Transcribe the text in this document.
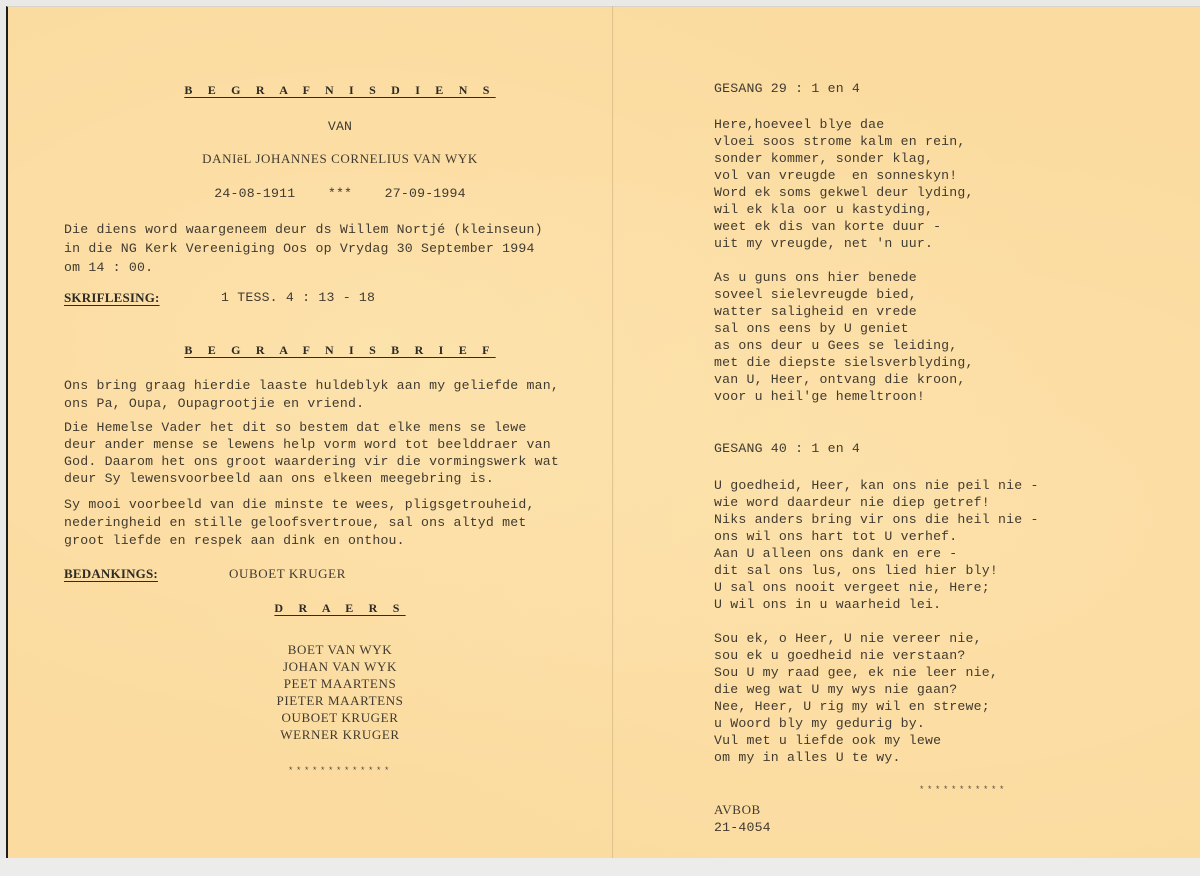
B E G R A F N I S D I E N S
VAN
DANIëL JOHANNES CORNELIUS VAN WYK
24-08-1911    ***    27-09-1994
Die diens word waargeneem deur ds Willem Nortjé (kleinseun)
in die NG Kerk Vereeniging Oos op Vrydag 30 September 1994
om 14 : 00.
SKRIFLESING:	1 TESS. 4 : 13 - 18
B E G R A F N I S B R I E F
Ons bring graag hierdie laaste huldeblyk aan my geliefde man,
ons Pa, Oupa, Oupagrootjie en vriend.
Die Hemelse Vader het dit so bestem dat elke mens se lewe
deur ander mense se lewens help vorm word tot beelddraer van
God. Daarom het ons groot waardering vir die vormingswerk wat
deur Sy lewensvoorbeeld aan ons elkeen meegebring is.
Sy mooi voorbeeld van die minste te wees, pligsgetrouheid,
nederingheid en stille geloofsvertroue, sal ons altyd met
groot liefde en respek aan dink en onthou.
BEDANKINGS:	OUBOET KRUGER
D R A E R S
BOET VAN WYK
JOHAN VAN WYK
PEET MAARTENS
PIETER MAARTENS
OUBOET KRUGER
WERNER KRUGER
*************
GESANG 29 : 1 en 4
Here,hoeveel blye dae
vloei soos strome kalm en rein,
sonder kommer, sonder klag,
vol van vreugde  en sonneskyn!
Word ek soms gekwel deur lyding,
wil ek kla oor u kastyding,
weet ek dis van korte duur -
uit my vreugde, net 'n uur.
As u guns ons hier benede
soveel sielevreugde bied,
watter saligheid en vrede
sal ons eens by U geniet
as ons deur u Gees se leiding,
met die diepste sielsverblyding,
van U, Heer, ontvang die kroon,
voor u heil'ge hemeltroon!
GESANG 40 : 1 en 4
U goedheid, Heer, kan ons nie peil nie -
wie word daardeur nie diep getref!
Niks anders bring vir ons die heil nie -
ons wil ons hart tot U verhef.
Aan U alleen ons dank en ere -
dit sal ons lus, ons lied hier bly!
U sal ons nooit vergeet nie, Here;
U wil ons in u waarheid lei.
Sou ek, o Heer, U nie vereer nie,
sou ek u goedheid nie verstaan?
Sou U my raad gee, ek nie leer nie,
die weg wat U my wys nie gaan?
Nee, Heer, U rig my wil en strewe;
u Woord bly my gedurig by.
Vul met u liefde ook my lewe
om my in alles U te wy.
***********
AVBOB
21-4054
